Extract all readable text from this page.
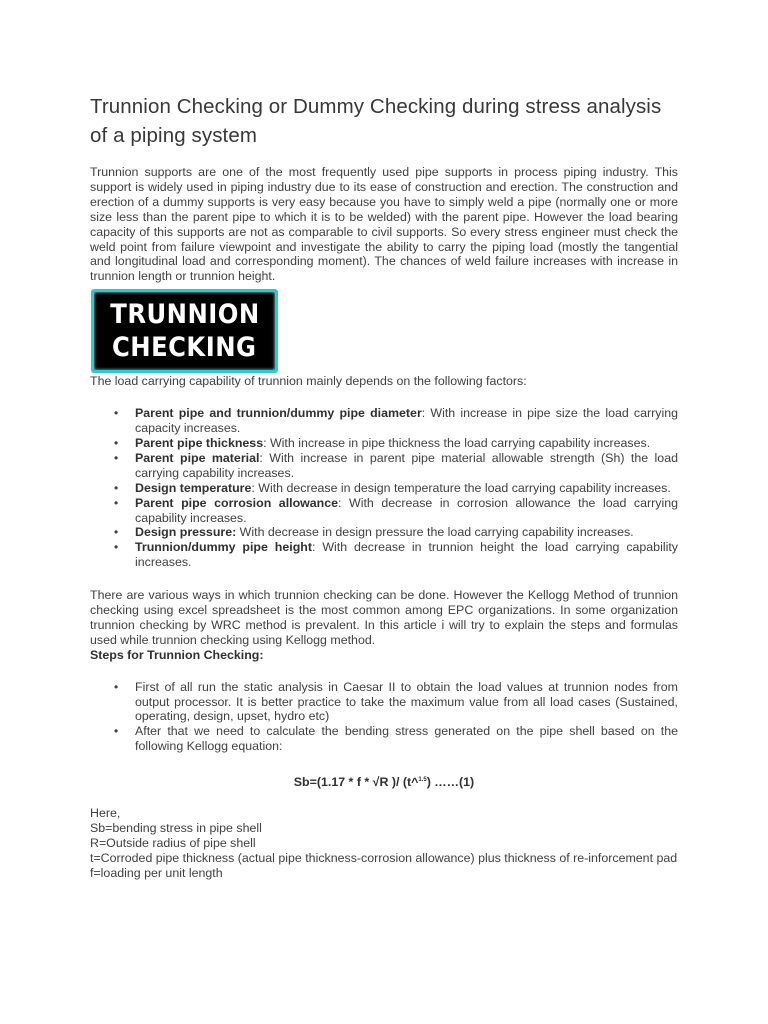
Trunnion Checking or Dummy Checking during stress analysis of a piping system

Trunnion supports are one of the most frequently used pipe supports in process piping industry. This support is widely used in piping industry due to its ease of construction and erection. The construction and erection of a dummy supports is very easy because you have to simply weld a pipe (normally one or more size less than the parent pipe to which it is to be welded) with the parent pipe. However the load bearing capacity of this supports are not as comparable to civil supports. So every stress engineer must check the weld point from failure viewpoint and investigate the ability to carry the piping load (mostly the tangential and longitudinal load and corresponding moment). The chances of weld failure increases with increase in trunnion length or trunnion height.

TRUNNION
CHECKING

The load carrying capability of trunnion mainly depends on the following factors:

• Parent pipe and trunnion/dummy pipe diameter: With increase in pipe size the load carrying capacity increases.
• Parent pipe thickness: With increase in pipe thickness the load carrying capability increases.
• Parent pipe material: With increase in parent pipe material allowable strength (Sh) the load carrying capability increases.
• Design temperature: With decrease in design temperature the load carrying capability increases.
• Parent pipe corrosion allowance: With decrease in corrosion allowance the load carrying capability increases.
• Design pressure: With decrease in design pressure the load carrying capability increases.
• Trunnion/dummy pipe height: With decrease in trunnion height the load carrying capability increases.

There are various ways in which trunnion checking can be done. However the Kellogg Method of trunnion checking using excel spreadsheet is the most common among EPC organizations. In some organization trunnion checking by WRC method is prevalent. In this article i will try to explain the steps and formulas used while trunnion checking using Kellogg method.

Steps for Trunnion Checking:

• First of all run the static analysis in Caesar II to obtain the load values at trunnion nodes from output processor. It is better practice to take the maximum value from all load cases (Sustained, operating, design, upset, hydro etc)
• After that we need to calculate the bending stress generated on the pipe shell based on the following Kellogg equation:

Sb=(1.17 * f * √R )/ (t^$^{1.5}$) ……(1)

Here,

Sb=bending stress in pipe shell

R=Outside radius of pipe shell

t=Corroded pipe thickness (actual pipe thickness-corrosion allowance) plus thickness of re-inforcement pad

f=loading per unit length
